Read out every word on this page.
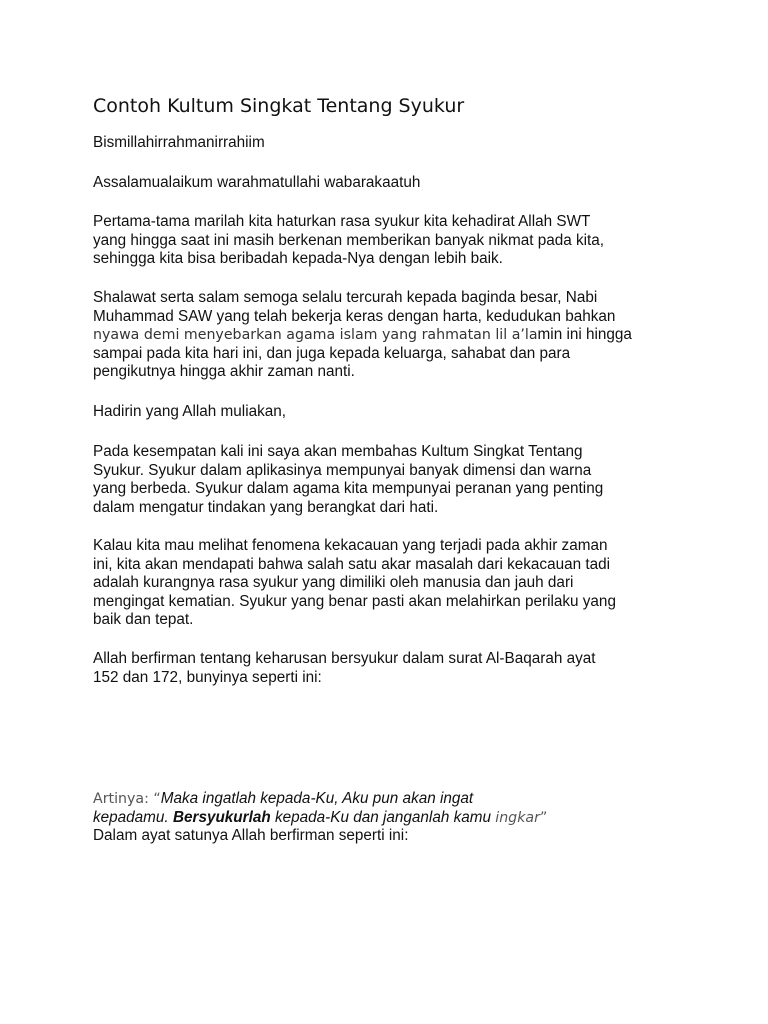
Contoh Kultum Singkat Tentang Syukur

Bismillahirrahmanirrahiim

Assalamualaikum warahmatullahi wabarakaatuh

Pertama-tama marilah kita haturkan rasa syukur kita kehadirat Allah SWT
yang hingga saat ini masih berkenan memberikan banyak nikmat pada kita,
sehingga kita bisa beribadah kepada-Nya dengan lebih baik.

Shalawat serta salam semoga selalu tercurah kepada baginda besar, Nabi
Muhammad SAW yang telah bekerja keras dengan harta, kedudukan bahkan
nyawa demi menyebarkan agama islam yang rahmatan lil a’lamin ini hingga
sampai pada kita hari ini, dan juga kepada keluarga, sahabat dan para
pengikutnya hingga akhir zaman nanti.

Hadirin yang Allah muliakan,

Pada kesempatan kali ini saya akan membahas Kultum Singkat Tentang
Syukur. Syukur dalam aplikasinya mempunyai banyak dimensi dan warna
yang berbeda. Syukur dalam agama kita mempunyai peranan yang penting
dalam mengatur tindakan yang berangkat dari hati.

Kalau kita mau melihat fenomena kekacauan yang terjadi pada akhir zaman
ini, kita akan mendapati bahwa salah satu akar masalah dari kekacauan tadi
adalah kurangnya rasa syukur yang dimiliki oleh manusia dan jauh dari
mengingat kematian. Syukur yang benar pasti akan melahirkan perilaku yang
baik dan tepat.

Allah berfirman tentang keharusan bersyukur dalam surat Al-Baqarah ayat
152 dan 172, bunyinya seperti ini:

Artinya: “Maka ingatlah kepada-Ku, Aku pun akan ingat
kepadamu. Bersyukurlah kepada-Ku dan janganlah kamu ingkar”
Dalam ayat satunya Allah berfirman seperti ini:
